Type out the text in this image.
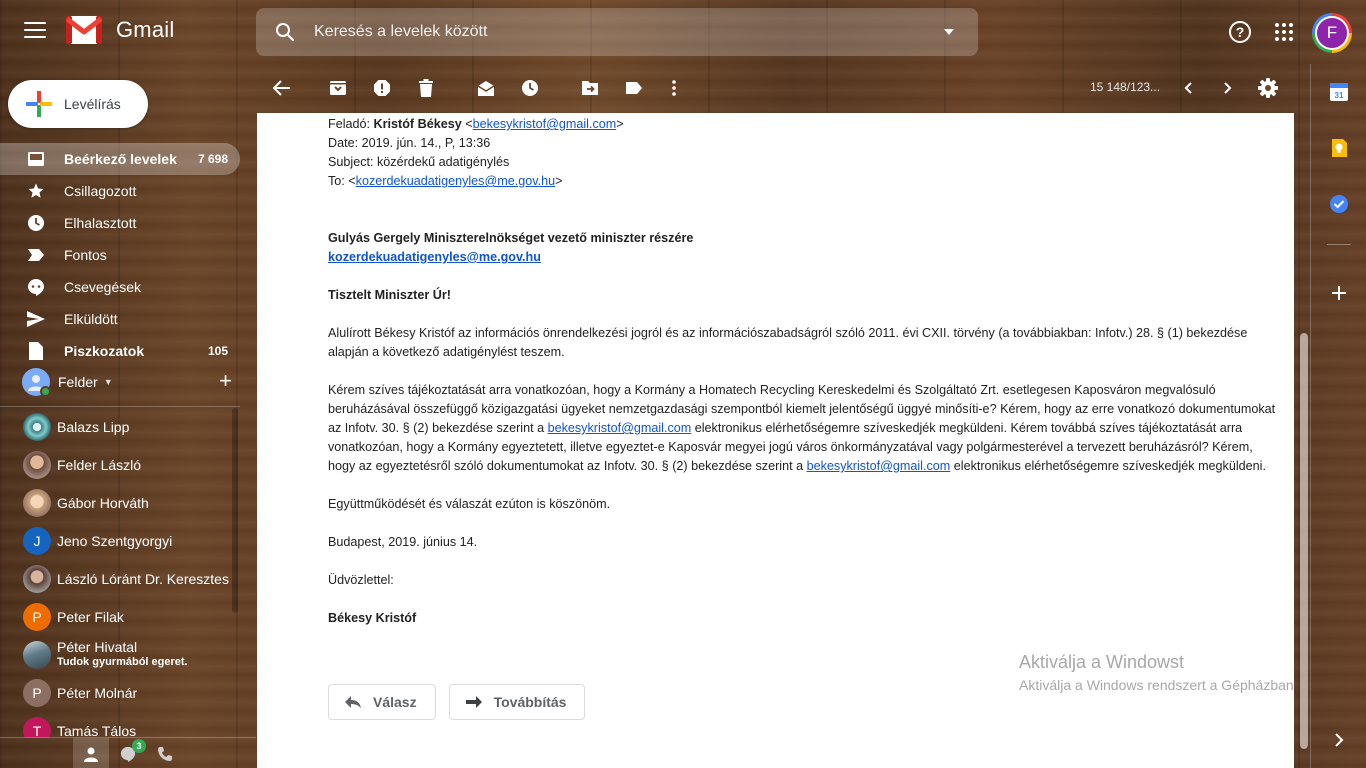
Gmail	Keresés a levelek között	?	F
Levélírás
Beérkező levelek	7 698
Csillagozott
Elhalasztott
Fontos
Csevegések
Elküldött
Piszkozatok	105
Felder ▼	+
Balazs Lipp
Felder László
Gábor Horváth
J	Jeno Szentgyorgyi
László Lóránt Dr. Keresztes
P	Peter Filak
Péter Hivatal
Tudok gyurmából egeret.
P	Péter Molnár
T	Tamás Tálos
3
15 148/123...
Feladó: Kristóf Békesy <bekesykristof@gmail.com>
Date: 2019. jún. 14., P, 13:36
Subject: közérdekű adatigénylés
To: <kozerdekuadatigenyles@me.gov.hu>
Gulyás Gergely Miniszterelnökséget vezető miniszter részére
kozerdekuadatigenyles@me.gov.hu
Tisztelt Miniszter Úr!
Alulírott Békesy Kristóf az információs önrendelkezési jogról és az információszabadságról szóló 2011. évi CXII. törvény (a továbbiakban: Infotv.) 28. § (1) bekezdése alapján a következő adatigénylést teszem.
Kérem szíves tájékoztatását arra vonatkozóan, hogy a Kormány a Homatech Recycling Kereskedelmi és Szolgáltató Zrt. esetlegesen Kaposváron megvalósuló beruházásával összefüggő közigazgatási ügyeket nemzetgazdasági szempontból kiemelt jelentőségű üggyé minősíti-e? Kérem, hogy az erre vonatkozó dokumentumokat az Infotv. 30. § (2) bekezdése szerint a bekesykristof@gmail.com elektronikus elérhetőségemre szíveskedjék megküldeni. Kérem továbbá szíves tájékoztatását arra vonatkozóan, hogy a Kormány egyeztetett, illetve egyeztet-e Kaposvár megyei jogú város önkormányzatával vagy polgármesterével a tervezett beruházásról? Kérem, hogy az egyeztetésről szóló dokumentumokat az Infotv. 30. § (2) bekezdése szerint a bekesykristof@gmail.com elektronikus elérhetőségemre szíveskedjék megküldeni.
Együttműködését és válaszát ezúton is köszönöm.
Budapest, 2019. június 14.
Üdvözlettel:
Békesy Kristóf
Aktiválja a Windowst
Aktiválja a Windows rendszert a Gépházban
Válasz	Továbbítás
31
